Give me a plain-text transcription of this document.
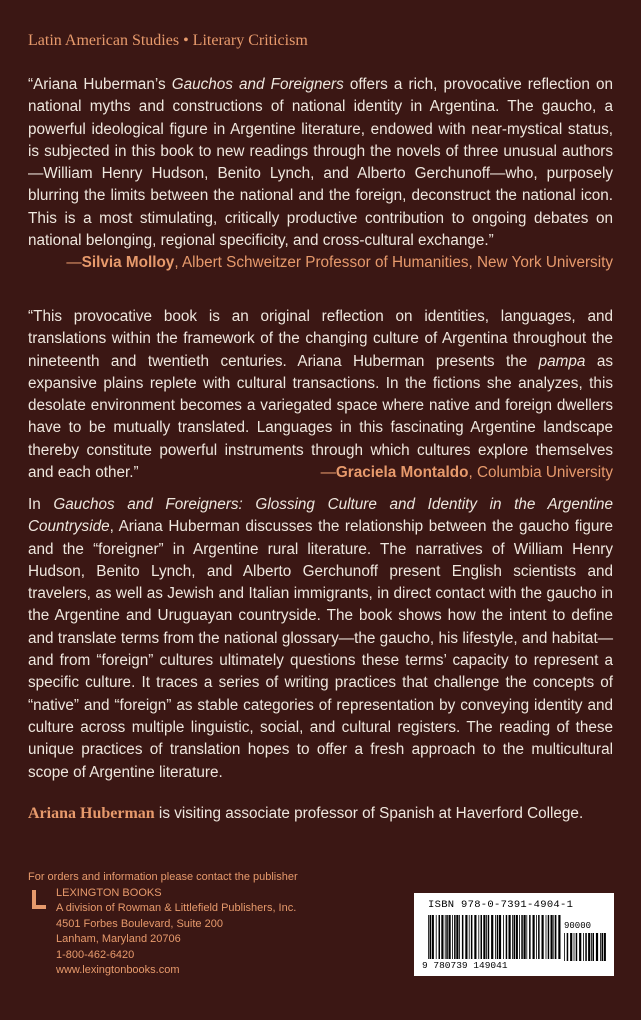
Latin American Studies • Literary Criticism
“Ariana Huberman’s Gauchos and Foreigners offers a rich, provocative reflection on national myths and constructions of national identity in Argentina. The gaucho, a powerful ideological figure in Argentine literature, endowed with near-mystical status, is subjected in this book to new readings through the novels of three unusual authors—William Henry Hudson, Benito Lynch, and Alberto Gerchunoff—who, purposely blurring the limits between the national and the foreign, deconstruct the national icon. This is a most stimulating, critically productive contribution to ongoing debates on national belonging, regional specificity, and cross-cultural exchange.”
—Silvia Molloy, Albert Schweitzer Professor of Humanities, New York University
“This provocative book is an original reflection on identities, languages, and translations within the framework of the changing culture of Argentina throughout the nineteenth and twentieth centuries. Ariana Huberman presents the pampa as expansive plains replete with cultural transactions. In the fictions she analyzes, this desolate environment becomes a variegated space where native and foreign dwellers have to be mutually translated. Languages in this fascinating Argentine landscape thereby constitute powerful instruments through which cultures explore themselves and each other.”	—Graciela Montaldo, Columbia University
In Gauchos and Foreigners: Glossing Culture and Identity in the Argentine Countryside, Ariana Huberman discusses the relationship between the gaucho figure and the “foreigner” in Argentine rural literature. The narratives of William Henry Hudson, Benito Lynch, and Alberto Gerchunoff present English scientists and travelers, as well as Jewish and Italian immigrants, in direct contact with the gaucho in the Argentine and Uruguayan countryside. The book shows how the intent to define and translate terms from the national glossary—the gaucho, his lifestyle, and habitat—and from “foreign” cultures ultimately questions these terms’ capacity to represent a specific culture. It traces a series of writing practices that challenge the concepts of “native” and “foreign” as stable categories of representation by conveying identity and culture across multiple linguistic, social, and cultural registers. The reading of these unique practices of translation hopes to offer a fresh approach to the multicultural scope of Argentine literature.
Ariana Huberman is visiting associate professor of Spanish at Haverford College.
For orders and information please contact the publisher
LEXINGTON BOOKS
A division of Rowman & Littlefield Publishers, Inc.
4501 Forbes Boulevard, Suite 200
Lanham, Maryland 20706
1-800-462-6420
www.lexingtonbooks.com
ISBN 978-0-7391-4904-1
90000
9 780739 149041
